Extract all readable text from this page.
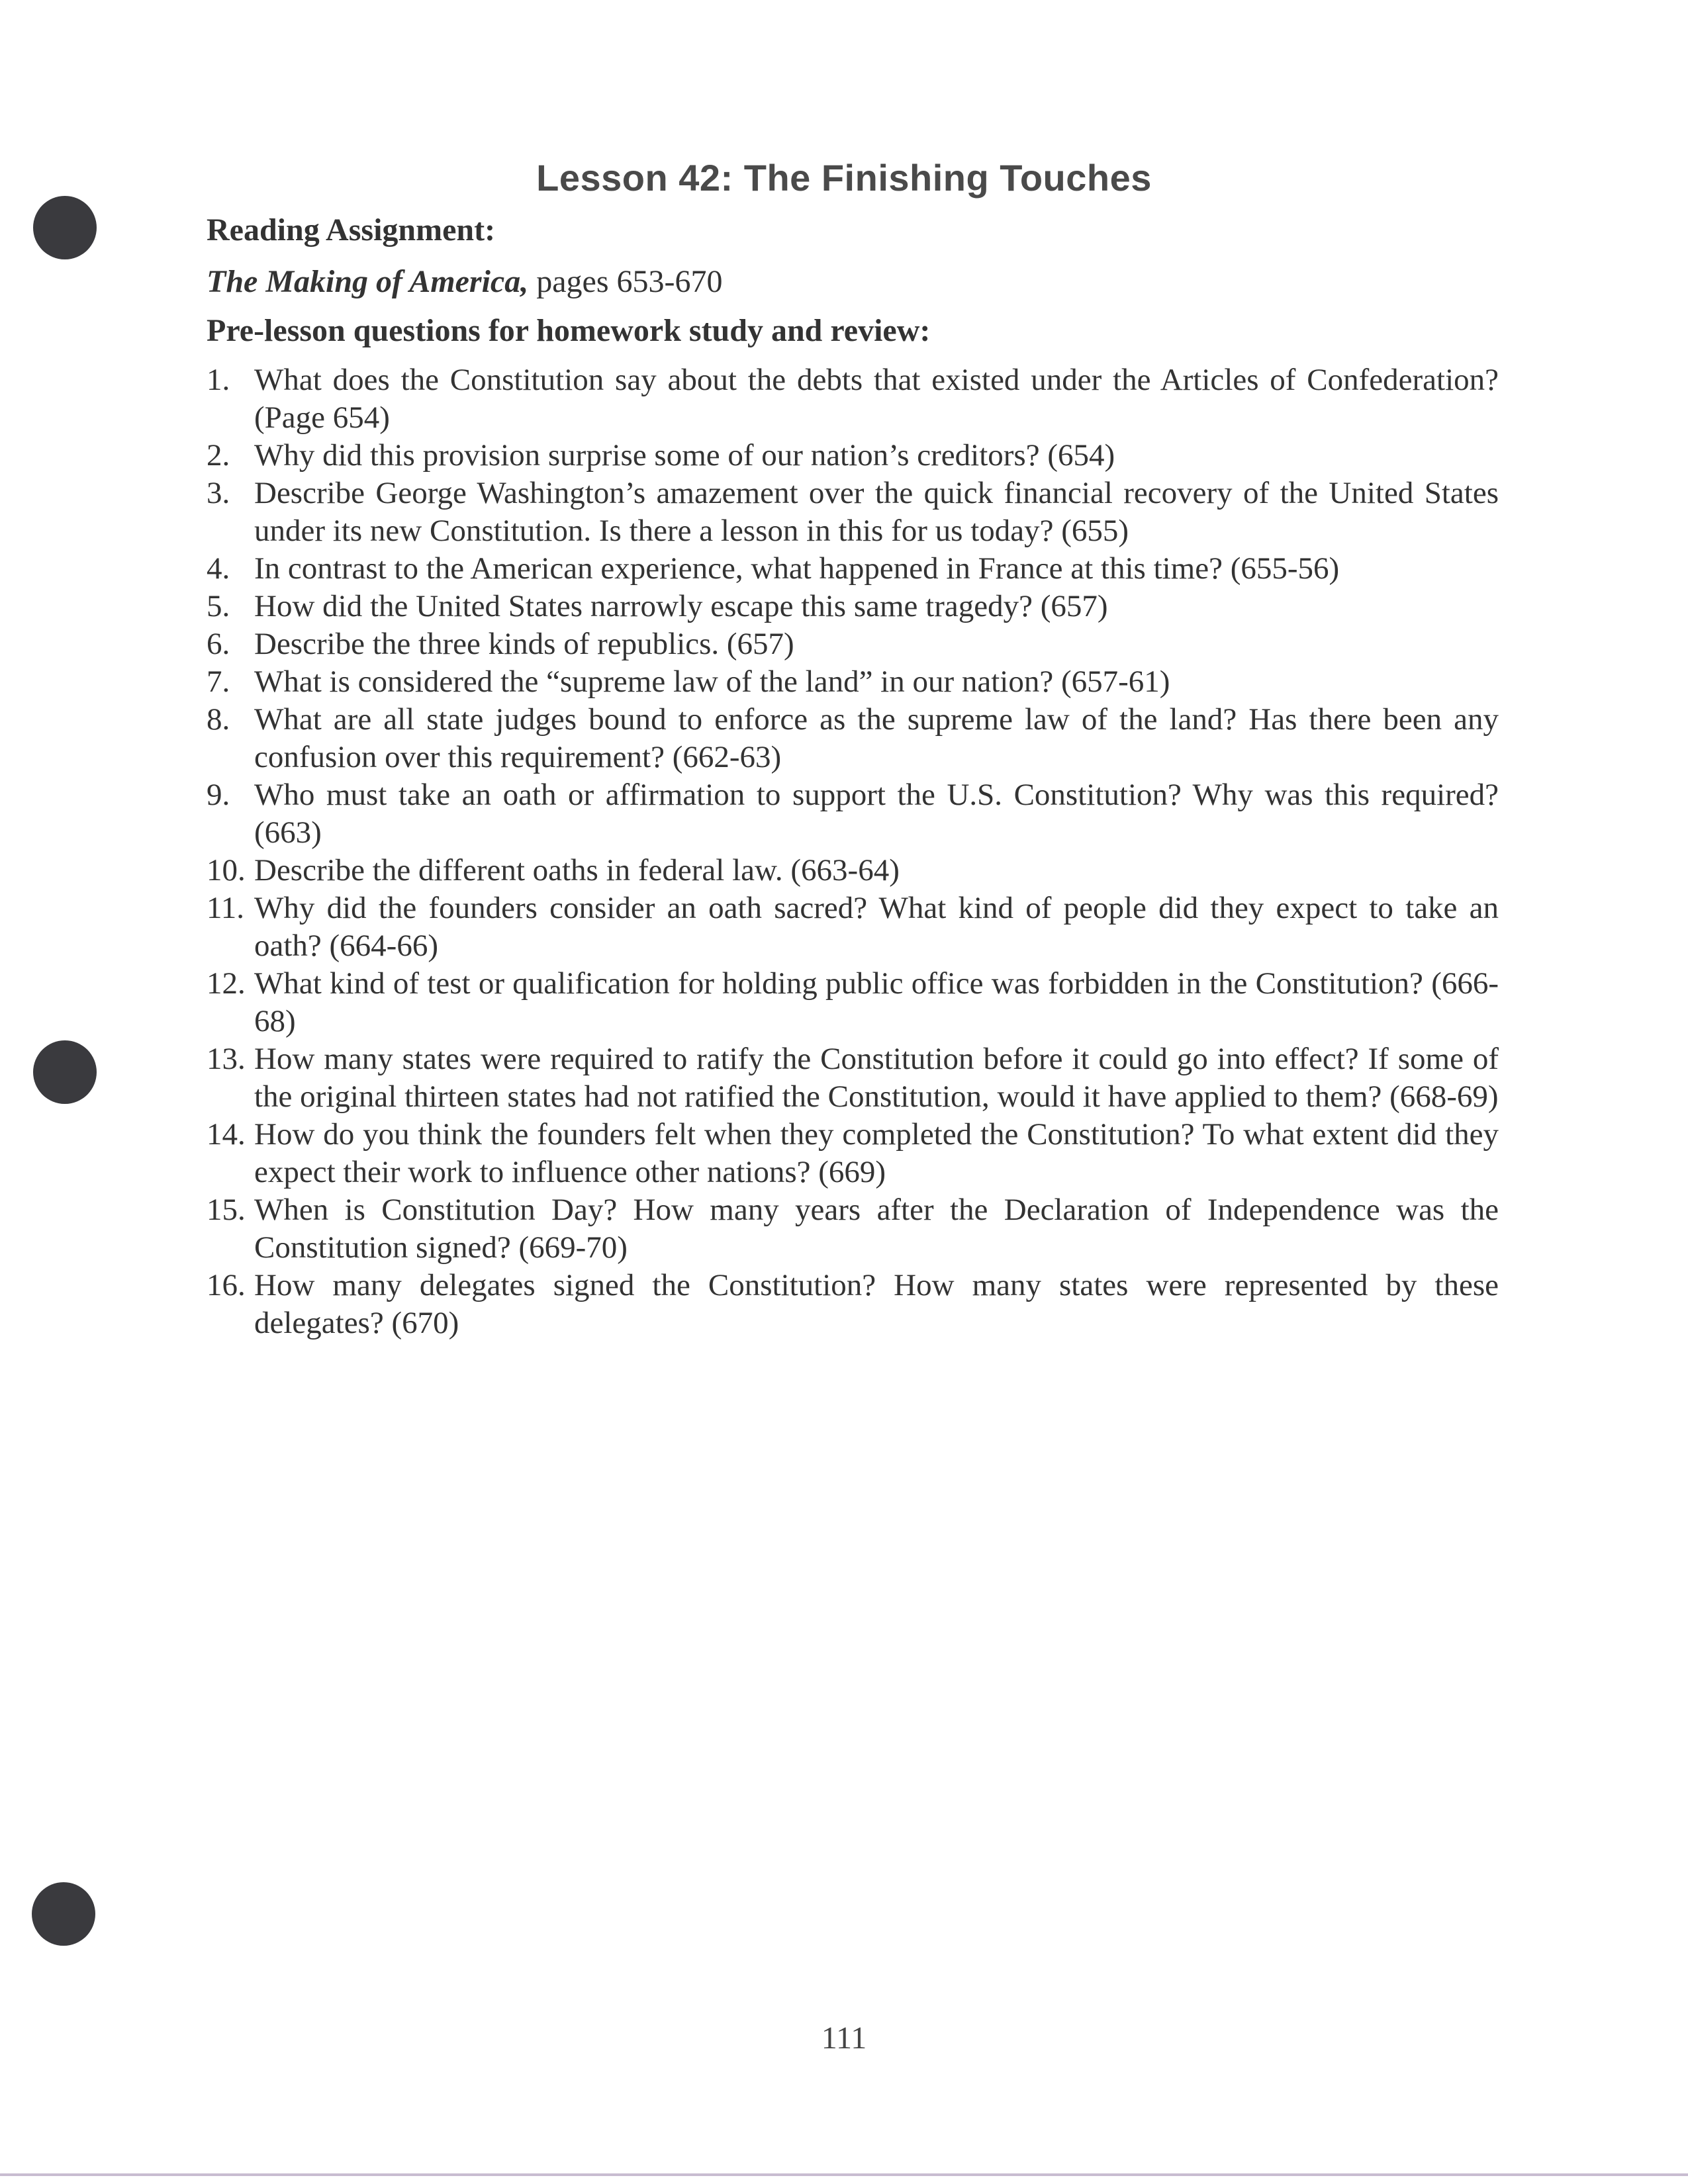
Lesson 42: The Finishing Touches

Reading Assignment:

The Making of America, pages 653-670

Pre-lesson questions for homework study and review:

1. What does the Constitution say about the debts that existed under the Articles of Confederation? (Page 654)
2. Why did this provision surprise some of our nation’s creditors? (654)
3. Describe George Washington’s amazement over the quick financial recovery of the United States under its new Constitution. Is there a lesson in this for us today? (655)
4. In contrast to the American experience, what happened in France at this time? (655-56)
5. How did the United States narrowly escape this same tragedy? (657)
6. Describe the three kinds of republics. (657)
7. What is considered the “supreme law of the land” in our nation? (657-61)
8. What are all state judges bound to enforce as the supreme law of the land? Has there been any confusion over this requirement? (662-63)
9. Who must take an oath or affirmation to support the U.S. Constitution? Why was this required? (663)
10. Describe the different oaths in federal law. (663-64)
11. Why did the founders consider an oath sacred? What kind of people did they expect to take an oath? (664-66)
12. What kind of test or qualification for holding public office was forbidden in the Constitution? (666-68)
13. How many states were required to ratify the Constitution before it could go into effect? If some of the original thirteen states had not ratified the Constitution, would it have applied to them? (668-69)
14. How do you think the founders felt when they completed the Constitution? To what extent did they expect their work to influence other nations? (669)
15. When is Constitution Day? How many years after the Declaration of Independence was the Constitution signed? (669-70)
16. How many delegates signed the Constitution? How many states were represented by these delegates? (670)
111
